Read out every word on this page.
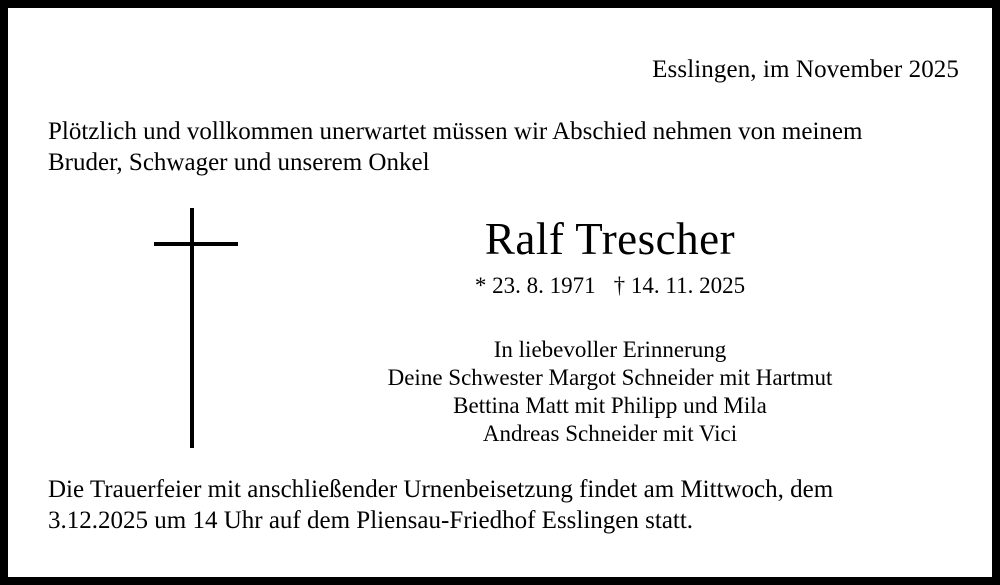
Esslingen, im November 2025
Plötzlich und vollkommen unerwartet müssen wir Abschied nehmen von meinem
Bruder, Schwager und unserem Onkel
Ralf Trescher
* 23. 8. 1971 † 14. 11. 2025
In liebevoller Erinnerung
Deine Schwester Margot Schneider mit Hartmut
Bettina Matt mit Philipp und Mila
Andreas Schneider mit Vici
Die Trauerfeier mit anschließender Urnenbeisetzung findet am Mittwoch, dem
3.12.2025 um 14 Uhr auf dem Pliensau-Friedhof Esslingen statt.
